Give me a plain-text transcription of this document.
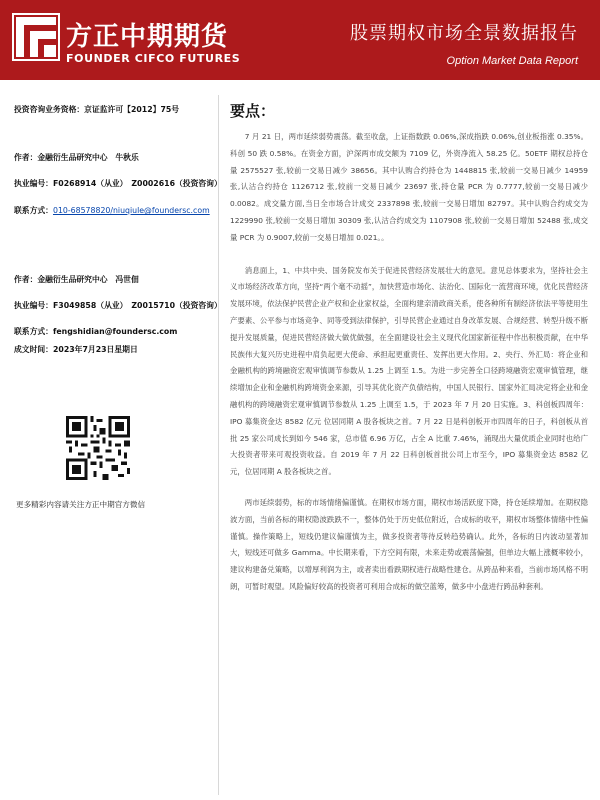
方正中期期货
FOUNDER CIFCO FUTURES
股票期权市场全景数据报告
Option Market Data Report
投资咨询业务资格：京证监许可【2012】75号
作者：金融衍生品研究中心　牛秋乐
执业编号：F0268914（从业）　Z0002616（投资咨询）
联系方式：010-68578820/niuqiule@foundersc.com
作者：金融衍生品研究中心　冯世佃
执业编号：F3049858（从业）　Z0015710（投资咨询）
联系方式：fengshidian@foundersc.com
成文时间：2023年7月23日星期日
更多精彩内容请关注方正中期官方微信
要点：

7 月 21 日，两市延续弱势震荡。截至收盘，上证指数跌 0.06%,深成指跌 0.06%,创业板指涨 0.35%。科创 50 跌 0.58%。在资金方面，沪深两市成交额为 7109 亿，外资净流入 58.25 亿。50ETF 期权总持仓量 2575527 张,较前一交易日减少 38656。其中认购合约持仓为 1448815 张,较前一交易日减少 14959 张,认沽合约持仓 1126712 张,较前一交易日减少 23697 张,持仓量 PCR 为 0.7777,较前一交易日减少 0.0082。成交量方面,当日全市场合计成交 2337898 张,较前一交易日增加 82797。其中认购合约成交为 1229990 张,较前一交易日增加 30309 张,认沽合约成交为 1107908 张,较前一交易日增加 52488 张,成交量 PCR 为 0.9007,较前一交易日增加 0.021。。

消息面上，1、中共中央、国务院发布关于促进民营经济发展壮大的意见。意见总体要求为，坚持社会主义市场经济改革方向，坚持“两个毫不动摇”，加快营造市场化、法治化、国际化一流营商环境，优化民营经济发展环境，依法保护民营企业产权和企业家权益，全面构建亲清政商关系，使各种所有制经济依法平等使用生产要素、公平参与市场竞争、同等受到法律保护，引导民营企业通过自身改革发展、合规经营、转型升级不断提升发展质量，促进民营经济做大做优做强，在全面建设社会主义现代化国家新征程中作出积极贡献，在中华民族伟大复兴历史进程中肩负起更大使命、承担起更重责任、发挥出更大作用。2、央行、外汇局：将企业和金融机构的跨境融资宏观审慎调节参数从 1.25 上调至 1.5。为进一步完善全口径跨境融资宏观审慎管理，继续增加企业和金融机构跨境资金来源，引导其优化资产负债结构，中国人民银行、国家外汇局决定将企业和金融机构的跨境融资宏观审慎调节参数从 1.25 上调至 1.5，于 2023 年 7 月 20 日实施。3、科创板四周年：IPO 募集资金达 8582 亿元 位居同期 A 股各板块之首。7 月 22 日是科创板开市四周年的日子，科创板从首批 25 家公司成长到如今 546 家，总市值 6.96 万亿，占全 A 比重 7.46%，涌现出大量优质企业同时也给广大投资者带来可观投资收益。自 2019 年 7 月 22 日科创板首批公司上市至今，IPO 募集资金达 8582 亿元，位居同期 A 股各板块之首。

两市延续弱势，标的市场情绪偏谨慎。在期权市场方面，期权市场活跃度下降，持仓延续增加。在期权隐波方面，当前各标的期权隐波跌跌不一，整体仍处于历史低位附近，合成标的收平，期权市场整体情绪中性偏谨慎。操作策略上，短线仍建议偏谨慎为主，做多投资者等待反转趋势确认。此外，各标的日内波动显著加大，短线还可做多 Gamma。中长期来看，下方空间有限，未来走势或震荡偏强，但单边大幅上涨概率较小，建议构建备兑策略，以增厚利润为主，或者卖出看跌期权进行战略性建仓。从跨品种来看，当前市场风格不明朗，可暂时观望。风险偏好较高的投资者可利用合成标的做空蓝筹，做多中小盘进行跨品种套利。
